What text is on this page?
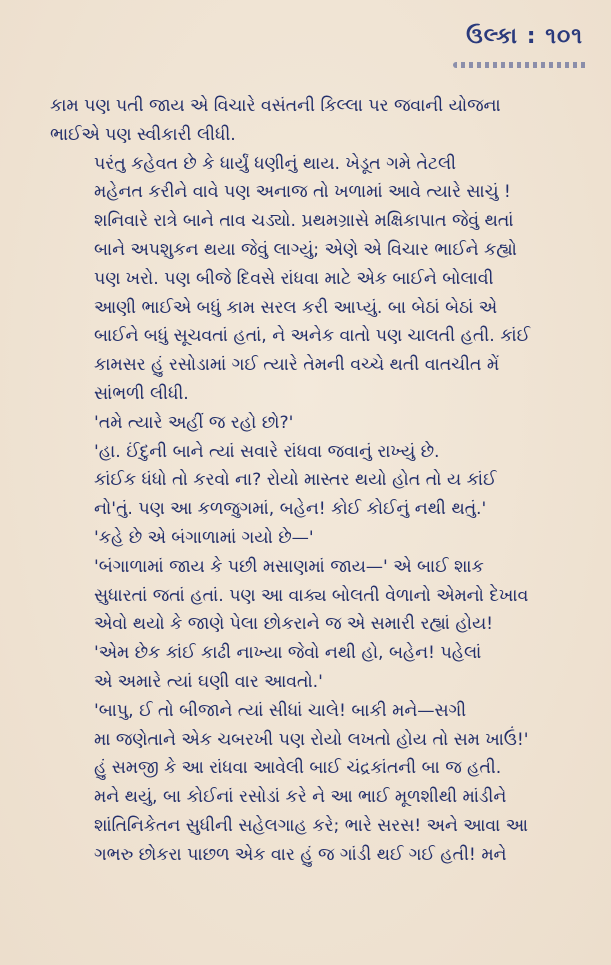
ઉલ્કા : ૧૦૧

કામ પણ પતી જાય એ વિચારે વસંતની કિલ્લા પર જવાની યોજના
ભાઈએ પણ સ્વીકારી લીધી.

પરંતુ કહેવત છે કે ધાર્યું ધણીનું થાય. ખેડૂત ગમે તેટલી
મહેનત કરીને વાવે પણ અનાજ તો ખળામાં આવે ત્યારે સાચું !
શનિવારે રાત્રે બાને તાવ ચડ્યો. પ્રથમગ્રાસે મક્ષિકાપાત જેવું થતાં
બાને અપશુકન થયા જેવું લાગ્યું; એણે એ વિચાર ભાઈને કહ્યો
પણ ખરો. પણ બીજે દિવસે રાંધવા માટે એક બાઈને બોલાવી
આણી ભાઈએ બધું કામ સરલ કરી આપ્યું. બા બેઠાં બેઠાં એ
બાઈને બધું સૂચવતાં હતાં, ને અનેક વાતો પણ ચાલતી હતી. કાંઈ
કામસર હું રસોડામાં ગઈ ત્યારે તેમની વચ્ચે થતી વાતચીત મેં
સાંભળી લીધી.

'તમે ત્યારે અહીં જ રહો છો?'

'હા. ઈંદુની બાને ત્યાં સવારે રાંધવા જવાનું રાખ્યું છે.
કાંઈક ધંધો તો કરવો ના? રોયો માસ્તર થયો હોત તો ય કાંઈ
નો'તું. પણ આ કળજુગમાં, બહેન! કોઈ કોઈનું નથી થતું.'

'કહે છે એ બંગાળામાં ગયો છે—'

'બંગાળામાં જાય કે પછી મસાણમાં જાય—' એ બાઈ શાક
સુધારતાં જતાં હતાં. પણ આ વાક્ય બોલતી વેળાનો એમનો દેખાવ
એવો થયો કે જાણે પેલા છોકરાને જ એ સમારી રહ્યાં હોય!

'એમ છેક કાંઈ કાઢી નાખ્યા જેવો નથી હો, બહેન! પહેલાં
એ અમારે ત્યાં ઘણી વાર આવતો.'

'બાપુ, ઈ તો બીજાને ત્યાં સીધાં ચાલે! બાકી મને—સગી
મા જણેતાને એક ચબરખી પણ રોયો લખતો હોય તો સમ ખાઉં!'

હું સમજી કે આ રાંધવા આવેલી બાઈ ચંદ્રકાંતની બા જ હતી.
મને થયું, બા કોઈનાં રસોડાં કરે ને આ ભાઈ મૂળશીથી માંડીને
શાંતિનિકેતન સુધીની સહેલગાહ કરે; ભારે સરસ! અને આવા આ
ગભરુ છોકરા પાછળ એક વાર હું જ ગાંડી થઈ ગઈ હતી! મને
